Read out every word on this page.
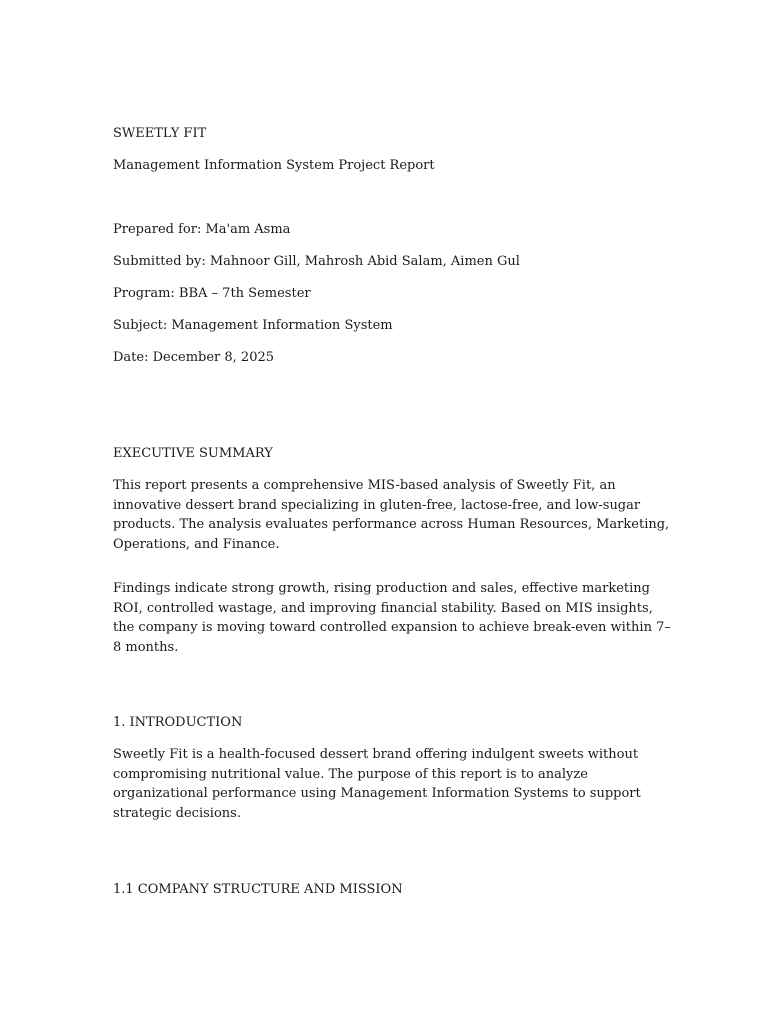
SWEETLY FIT

Management Information System Project Report

Prepared for: Ma'am Asma

Submitted by: Mahnoor Gill, Mahrosh Abid Salam, Aimen Gul

Program: BBA – 7th Semester

Subject: Management Information System

Date: December 8, 2025

EXECUTIVE SUMMARY

This report presents a comprehensive MIS-based analysis of Sweetly Fit, an innovative dessert brand specializing in gluten-free, lactose-free, and low-sugar products. The analysis evaluates performance across Human Resources, Marketing, Operations, and Finance.

Findings indicate strong growth, rising production and sales, effective marketing ROI, controlled wastage, and improving financial stability. Based on MIS insights, the company is moving toward controlled expansion to achieve break-even within 7–8 months.

1. INTRODUCTION

Sweetly Fit is a health-focused dessert brand offering indulgent sweets without compromising nutritional value. The purpose of this report is to analyze organizational performance using Management Information Systems to support strategic decisions.

1.1 COMPANY STRUCTURE AND MISSION
